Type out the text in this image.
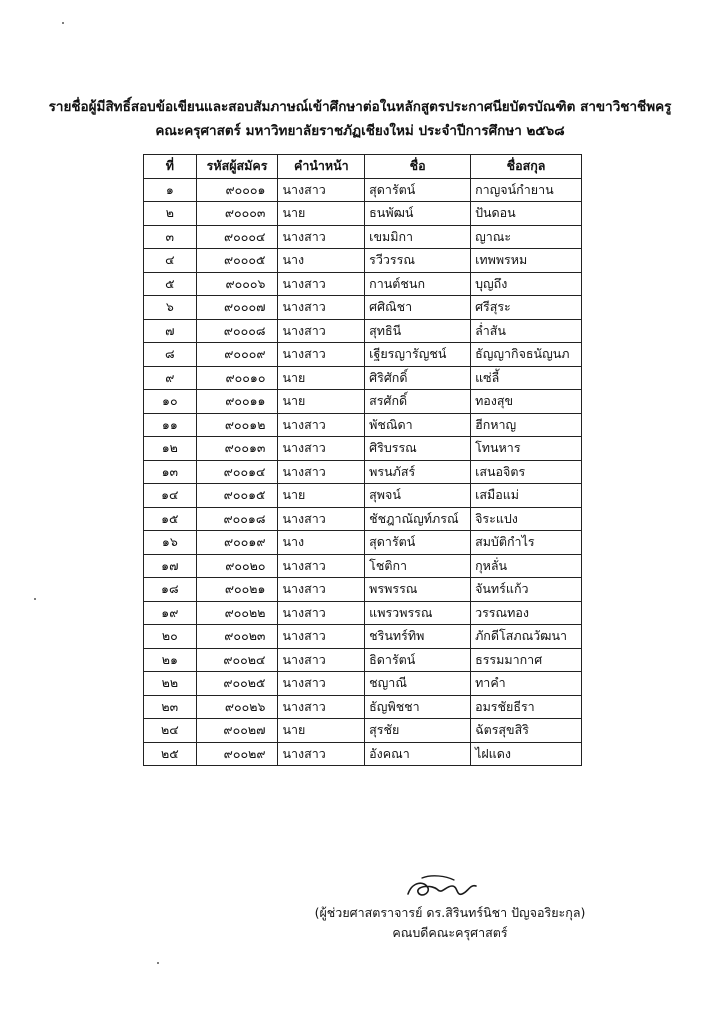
รายชื่อผู้มีสิทธิ์สอบข้อเขียนและสอบสัมภาษณ์เข้าศึกษาต่อในหลักสูตรประกาศนียบัตรบัณฑิต สาขาวิชาชีพครู
คณะครุศาสตร์ มหาวิทยาลัยราชภัฏเชียงใหม่ ประจำปีการศึกษา ๒๕๖๘
ที่	รหัสผู้สมัคร	คำนำหน้า	ชื่อ	ชื่อสกุล
๑	๙๐๐๐๑	นางสาว	สุดารัตน์	กาญจน์กำยาน
๒	๙๐๐๐๓	นาย	ธนพัฒน์	ปันดอน
๓	๙๐๐๐๔	นางสาว	เขมมิกา	ญาณะ
๔	๙๐๐๐๕	นาง	รวีวรรณ	เทพพรหม
๕	๙๐๐๐๖	นางสาว	กานต์ชนก	บุญถึง
๖	๙๐๐๐๗	นางสาว	ศศิณิชา	ศรีสุระ
๗	๙๐๐๐๘	นางสาว	สุทธินี	ล่ำสัน
๘	๙๐๐๐๙	นางสาว	เฐียรญารัญชน์	ธัญญากิจธนัญนภ
๙	๙๐๐๑๐	นาย	ศิริศักดิ์	แซ่ลี้
๑๐	๙๐๐๑๑	นาย	สรศักดิ์	ทองสุข
๑๑	๙๐๐๑๒	นางสาว	พัชณิดา	ฮีกหาญ
๑๒	๙๐๐๑๓	นางสาว	ศิริบรรณ	โทนหาร
๑๓	๙๐๐๑๔	นางสาว	พรนภัสร์	เสนอจิตร
๑๔	๙๐๐๑๕	นาย	สุพจน์	เสมือแม่
๑๕	๙๐๐๑๘	นางสาว	ชัชฎาณัญท์ภรณ์	จิระแปง
๑๖	๙๐๐๑๙	นาง	สุดารัตน์	สมบัติกำไร
๑๗	๙๐๐๒๐	นางสาว	โชติกา	กุหลั่น
๑๘	๙๐๐๒๑	นางสาว	พรพรรณ	จันทร์แก้ว
๑๙	๙๐๐๒๒	นางสาว	แพรวพรรณ	วรรณทอง
๒๐	๙๐๐๒๓	นางสาว	ชรินทร์ทิพ	ภักดีโสภณวัฒนา
๒๑	๙๐๐๒๔	นางสาว	ธิดารัตน์	ธรรมมากาศ
๒๒	๙๐๐๒๕	นางสาว	ชญาณี	ทาคำ
๒๓	๙๐๐๒๖	นางสาว	ธัญพิชชา	อมรชัยธีรา
๒๔	๙๐๐๒๗	นาย	สุรชัย	ฉัตรสุขสิริ
๒๕	๙๐๐๒๙	นางสาว	อังคณา	ไฝแดง
(ผู้ช่วยศาสตราจารย์ ดร.สิรินทร์นิชา ปัญจอริยะกุล)
คณบดีคณะครุศาสตร์
